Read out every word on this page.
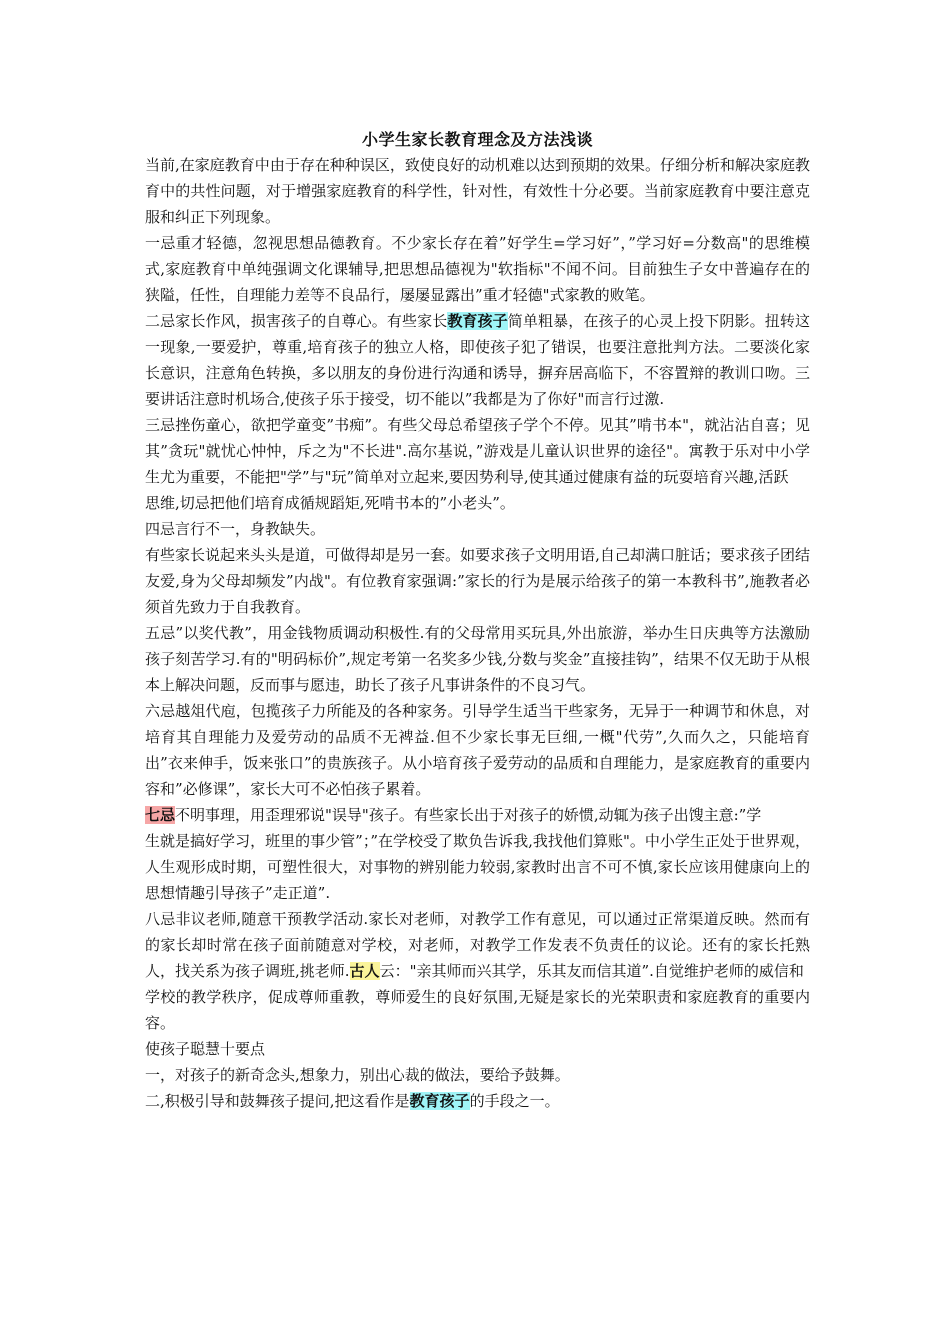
小学生家长教育理念及方法浅谈

当前,在家庭教育中由于存在种种误区，致使良好的动机难以达到预期的效果。仔细分析和解决家庭教育中的共性问题，对于增强家庭教育的科学性，针对性，有效性十分必要。当前家庭教育中要注意克服和纠正下列现象。

一忌重才轻德，忽视思想品德教育。不少家长存在着”好学生=学习好”，”学习好=分数高"的思维模式,家庭教育中单纯强调文化课辅导,把思想品德视为"软指标"不闻不问。目前独生子女中普遍存在的狭隘，任性，自理能力差等不良品行，屡屡显露出”重才轻德"式家教的败笔。

二忌家长作风，损害孩子的自尊心。有些家长教育孩子简单粗暴，在孩子的心灵上投下阴影。扭转这一现象,一要爱护，尊重,培育孩子的独立人格，即使孩子犯了错误，也要注意批判方法。二要淡化家长意识，注意角色转换，多以朋友的身份进行沟通和诱导，摒弃居高临下，不容置辩的教训口吻。三要讲话注意时机场合,使孩子乐于接受，切不能以”我都是为了你好"而言行过激.

三忌挫伤童心，欲把学童变”书痴”。有些父母总希望孩子学个不停。见其”啃书本"，就沾沾自喜；见其”贪玩"就忧心忡忡，斥之为"不长进".高尔基说，”游戏是儿童认识世界的途径"。寓教于乐对中小学生尤为重要，不能把"学”与"玩”简单对立起来,要因势利导,使其通过健康有益的玩耍培育兴趣,活跃

思维,切忌把他们培育成循规蹈矩,死啃书本的”小老头”。

四忌言行不一，身教缺失。

有些家长说起来头头是道，可做得却是另一套。如要求孩子文明用语,自己却满口脏话；要求孩子团结友爱,身为父母却频发”内战"。有位教育家强调:”家长的行为是展示给孩子的第一本教科书”,施教者必须首先致力于自我教育。

五忌”以奖代教”，用金钱物质调动积极性.有的父母常用买玩具,外出旅游，举办生日庆典等方法激励孩子刻苦学习.有的"明码标价”,规定考第一名奖多少钱,分数与奖金”直接挂钩”，结果不仅无助于从根本上解决问题，反而事与愿违，助长了孩子凡事讲条件的不良习气。

六忌越俎代庖，包揽孩子力所能及的各种家务。引导学生适当干些家务，无异于一种调节和休息，对培育其自理能力及爱劳动的品质不无裨益.但不少家长事无巨细,一概"代劳”,久而久之，只能培育出”衣来伸手，饭来张口”的贵族孩子。从小培育孩子爱劳动的品质和自理能力，是家庭教育的重要内容和”必修课”，家长大可不必怕孩子累着。

七忌不明事理，用歪理邪说"误导"孩子。有些家长出于对孩子的娇惯,动辄为孩子出馊主意:”学

生就是搞好学习，班里的事少管”；”在学校受了欺负告诉我,我找他们算账"。中小学生正处于世界观，人生观形成时期，可塑性很大，对事物的辨别能力较弱,家教时出言不可不慎,家长应该用健康向上的思想情趣引导孩子”走正道”.

八忌非议老师,随意干预教学活动.家长对老师，对教学工作有意见，可以通过正常渠道反映。然而有的家长却时常在孩子面前随意对学校，对老师，对教学工作发表不负责任的议论。还有的家长托熟人，找关系为孩子调班,挑老师.古人云："亲其师而兴其学，乐其友而信其道”.自觉维护老师的威信和

学校的教学秩序，促成尊师重教，尊师爱生的良好氛围,无疑是家长的光荣职责和家庭教育的重要内容。

使孩子聪慧十要点

一，对孩子的新奇念头,想象力，别出心裁的做法，要给予鼓舞。

二,积极引导和鼓舞孩子提问,把这看作是教育孩子的手段之一。
